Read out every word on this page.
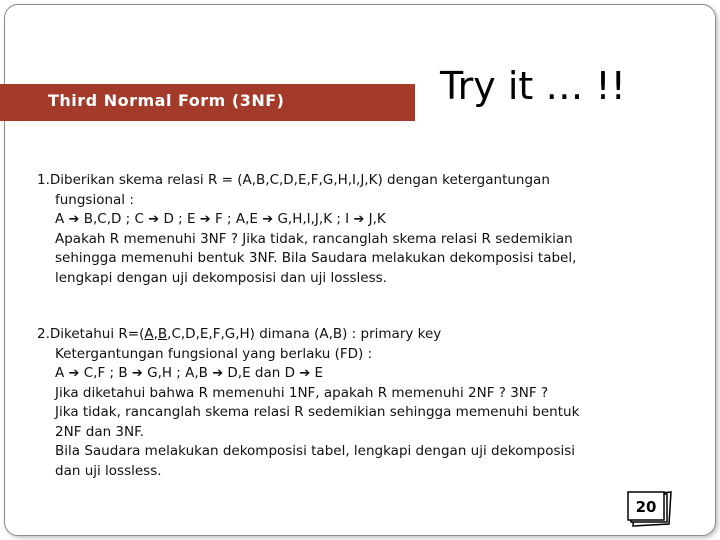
Third Normal Form (3NF)	Try it … !!
1.Diberikan skema relasi R = (A,B,C,D,E,F,G,H,I,J,K) dengan ketergantungan
fungsional :
A ➔ B,C,D ; C ➔ D ; E ➔ F ; A,E ➔ G,H,I,J,K ; I ➔ J,K
Apakah R memenuhi 3NF ? Jika tidak, rancanglah skema relasi R sedemikian
sehingga memenuhi bentuk 3NF. Bila Saudara melakukan dekomposisi tabel,
lengkapi dengan uji dekomposisi dan uji lossless.
2.Diketahui R=(A,B,C,D,E,F,G,H) dimana (A,B) : primary key
Ketergantungan fungsional yang berlaku (FD) :
A ➔ C,F ; B ➔ G,H ; A,B ➔ D,E dan D ➔ E
Jika diketahui bahwa R memenuhi 1NF, apakah R memenuhi 2NF ? 3NF ?
Jika tidak, rancanglah skema relasi R sedemikian sehingga memenuhi bentuk
2NF dan 3NF.
Bila Saudara melakukan dekomposisi tabel, lengkapi dengan uji dekomposisi
dan uji lossless.
20
